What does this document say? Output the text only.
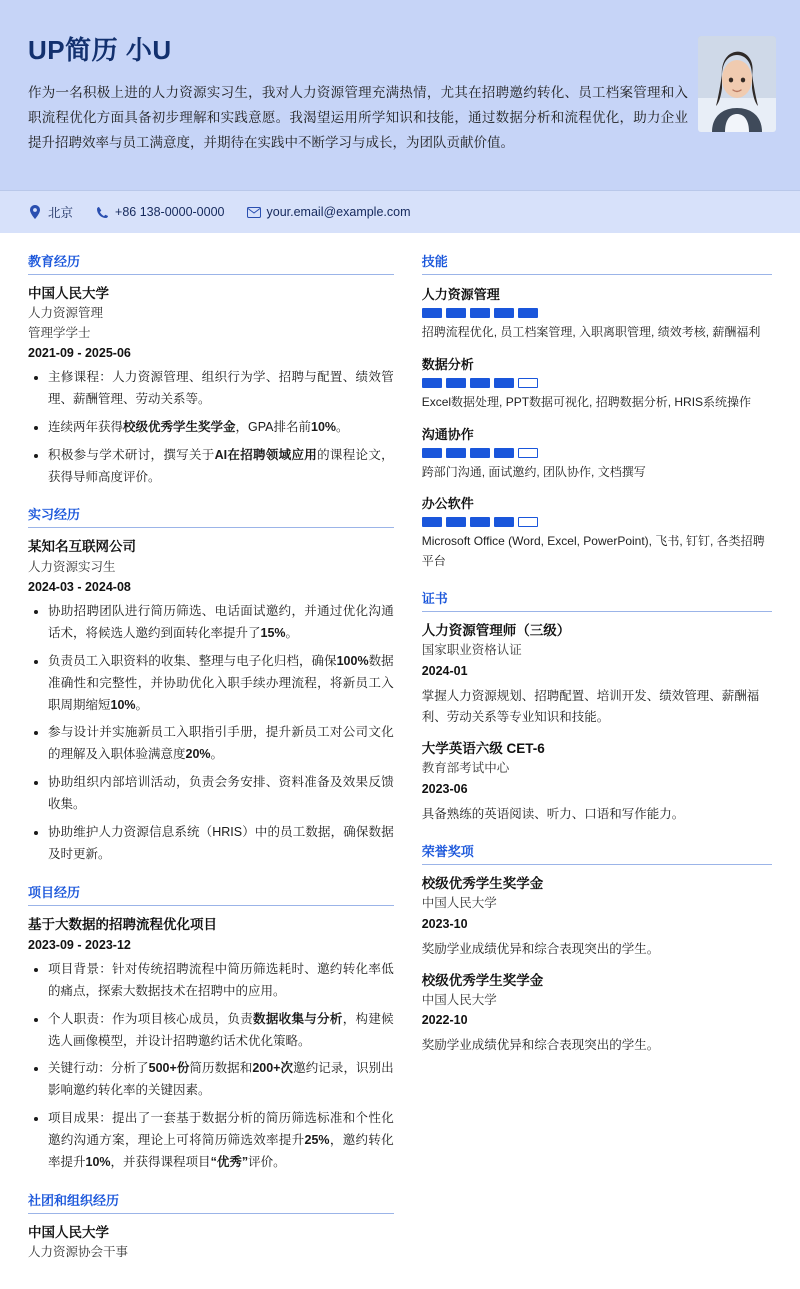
UP简历 小U
作为一名积极上进的人力资源实习生，我对人力资源管理充满热情，尤其在招聘邀约转化、员工档案管理和入职流程优化方面具备初步理解和实践意愿。我渴望运用所学知识和技能，通过数据分析和流程优化，助力企业提升招聘效率与员工满意度，并期待在实践中不断学习与成长，为团队贡献价值。
北京	+86 138-0000-0000	your.email@example.com
教育经历
中国人民大学
人力资源管理
管理学学士
2021-09 - 2025-06
• 主修课程：人力资源管理、组织行为学、招聘与配置、绩效管理、薪酬管理、劳动关系等。
• 连续两年获得校级优秀学生奖学金，GPA排名前10%。
• 积极参与学术研讨，撰写关于AI在招聘领域应用的课程论文，获得导师高度评价。
实习经历
某知名互联网公司
人力资源实习生
2024-03 - 2024-08
• 协助招聘团队进行简历筛选、电话面试邀约，并通过优化沟通话术，将候选人邀约到面转化率提升了15%。
• 负责员工入职资料的收集、整理与电子化归档，确保100%数据准确性和完整性，并协助优化入职手续办理流程，将新员工入职周期缩短10%。
• 参与设计并实施新员工入职指引手册，提升新员工对公司文化的理解及入职体验满意度20%。
• 协助组织内部培训活动，负责会务安排、资料准备及效果反馈收集。
• 协助维护人力资源信息系统（HRIS）中的员工数据，确保数据及时更新。
项目经历
基于大数据的招聘流程优化项目
2023-09 - 2023-12
• 项目背景：针对传统招聘流程中简历筛选耗时、邀约转化率低的痛点，探索大数据技术在招聘中的应用。
• 个人职责：作为项目核心成员，负责数据收集与分析，构建候选人画像模型，并设计招聘邀约话术优化策略。
• 关键行动：分析了500+份简历数据和200+次邀约记录，识别出影响邀约转化率的关键因素。
• 项目成果：提出了一套基于数据分析的简历筛选标准和个性化邀约沟通方案，理论上可将简历筛选效率提升25%，邀约转化率提升10%，并获得课程项目“优秀”评价。
社团和组织经历
中国人民大学
人力资源协会干事
技能
人力资源管理
招聘流程优化, 员工档案管理, 入职离职管理, 绩效考核, 薪酬福利
数据分析
Excel数据处理, PPT数据可视化, 招聘数据分析, HRIS系统操作
沟通协作
跨部门沟通, 面试邀约, 团队协作, 文档撰写
办公软件
Microsoft Office (Word, Excel, PowerPoint), 飞书, 钉钉, 各类招聘平台
证书
人力资源管理师（三级）
国家职业资格认证
2024-01
掌握人力资源规划、招聘配置、培训开发、绩效管理、薪酬福利、劳动关系等专业知识和技能。
大学英语六级 CET-6
教育部考试中心
2023-06
具备熟练的英语阅读、听力、口语和写作能力。
荣誉奖项
校级优秀学生奖学金
中国人民大学
2023-10
奖励学业成绩优异和综合表现突出的学生。
校级优秀学生奖学金
中国人民大学
2022-10
奖励学业成绩优异和综合表现突出的学生。
